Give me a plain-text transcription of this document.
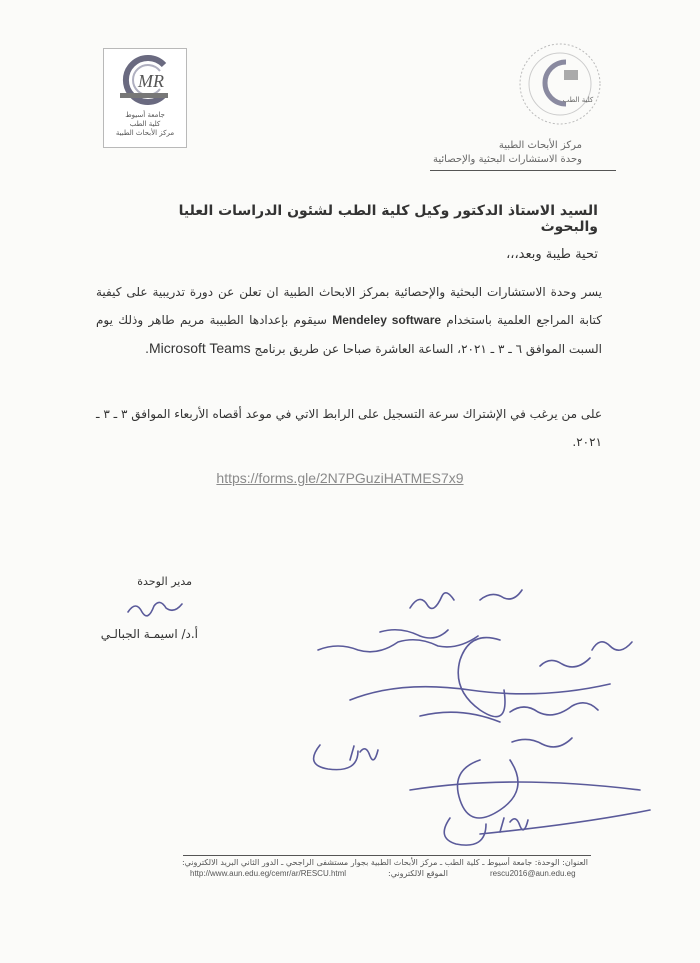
MR
جامعة أسيوط
كلية الطب
مركز الأبحاث الطبية
كلية الطب
مركز الأبحاث الطبية
وحدة الاستشارات البحثية والإحصائية
السيد الاستاذ الدكتور وكيل كلية الطب لشئون الدراسات العليا والبحوث
تحية طيبة وبعد،،،
يسر وحدة الاستشارات البحثية والإحصائية بمركز الابحاث الطبية ان تعلن عن دورة تدريبية على كيفية كتابة المراجع العلمية باستخدام Mendeley software سيقوم بإعدادها الطبيبة مريم طاهر وذلك يوم السبت الموافق ٦ ـ ٣ ـ ٢٠٢١، الساعة العاشرة صباحا عن طريق برنامج Microsoft Teams.
على من يرغب في الإشتراك سرعة التسجيل على الرابط الاتي في موعد أقصاه الأربعاء الموافق ٣ ـ ٣ ـ ٢٠٢١.
https://forms.gle/2N7PGuziHATMES7x9
مدير الوحدة
أ.د/ اسيمـة الجبالـي
العنوان: الوحدة: جامعة أسيوط ـ كلية الطب ـ مركز الأبحاث الطبية بجوار مستشفى الراجحي ـ الدور الثاني البريد الالكتروني:
http://www.aun.edu.eg/cemr/ar/RESCU.html	الموقع الالكتروني:	rescu2016@aun.edu.eg
